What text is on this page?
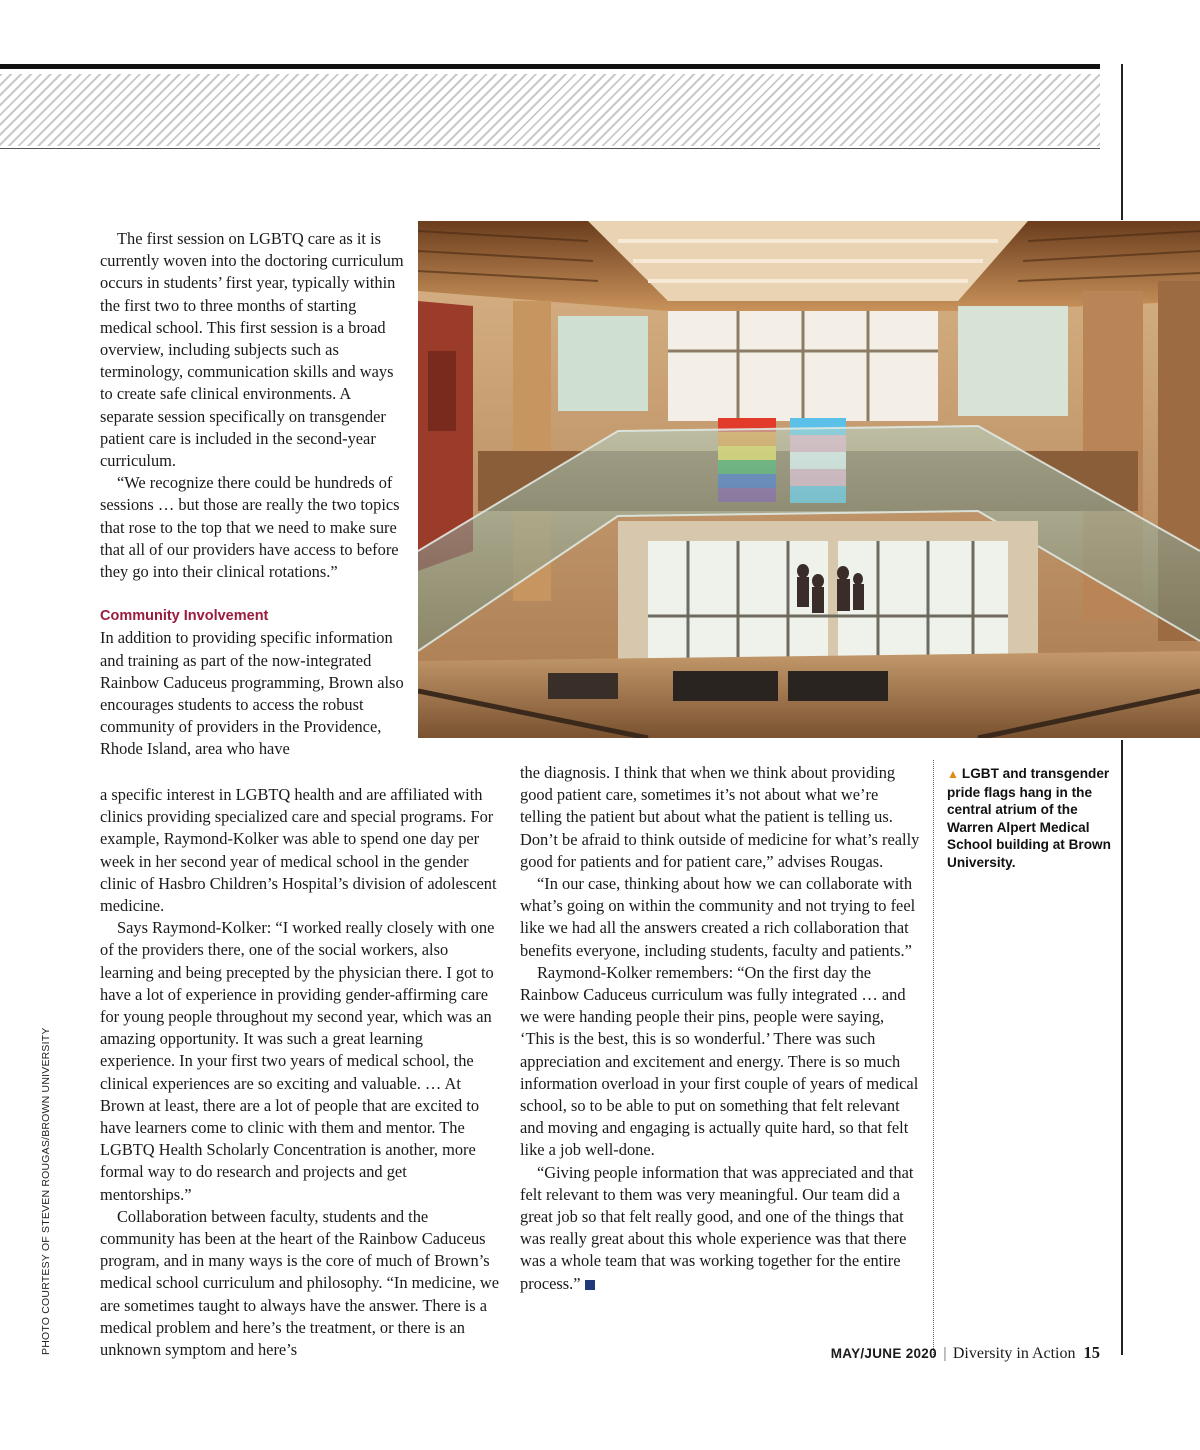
The first session on LGBTQ care as it is currently woven into the doctoring curriculum occurs in students’ first year, typically within the first two to three months of starting medical school. This first session is a broad overview, including subjects such as terminology, communication skills and ways to create safe clinical environments. A separate session specifically on transgender patient care is included in the second-year curriculum.

“We recognize there could be hundreds of sessions … but those are really the two topics that rose to the top that we need to make sure that all of our providers have access to before they go into their clinical rotations.”

Community Involvement

In addition to providing specific information and training as part of the now-integrated Rainbow Caduceus programming, Brown also encourages students to access the robust community of providers in the Providence, Rhode Island, area who have

a specific interest in LGBTQ health and are affiliated with clinics providing specialized care and special programs. For example, Raymond-Kolker was able to spend one day per week in her second year of medical school in the gender clinic of Hasbro Children’s Hospital’s division of adolescent medicine.

Says Raymond-Kolker: “I worked really closely with one of the providers there, one of the social workers, also learning and being precepted by the physician there. I got to have a lot of experience in providing gender-affirming care for young people throughout my second year, which was an amazing opportunity. It was such a great learning experience. In your first two years of medical school, the clinical experiences are so exciting and valuable. … At Brown at least, there are a lot of people that are excited to have learners come to clinic with them and mentor. The LGBTQ Health Scholarly Concentration is another, more formal way to do research and projects and get mentorships.”

Collaboration between faculty, students and the community has been at the heart of the Rainbow Caduceus program, and in many ways is the core of much of Brown’s medical school curriculum and philosophy. “In medicine, we are sometimes taught to always have the answer. There is a medical problem and here’s the treatment, or there is an unknown symptom and here’s

the diagnosis. I think that when we think about providing good patient care, sometimes it’s not about what we’re telling the patient but about what the patient is telling us. Don’t be afraid to think outside of medicine for what’s really good for patients and for patient care,” advises Rougas.

“In our case, thinking about how we can collaborate with what’s going on within the community and not trying to feel like we had all the answers created a rich collaboration that benefits everyone, including students, faculty and patients.”

Raymond-Kolker remembers: “On the first day the Rainbow Caduceus curriculum was fully integrated … and we were handing people their pins, people were saying, ‘This is the best, this is so wonderful.’ There was such appreciation and excitement and energy. There is so much information overload in your first couple of years of medical school, so to be able to put on something that felt relevant and moving and engaging is actually quite hard, so that felt like a job well-done.

“Giving people information that was appreciated and that felt relevant to them was very meaningful. Our team did a great job so that felt really good, and one of the things that was really great about this whole experience was that there was a whole team that was working together for the entire process.”

▲ LGBT and transgender pride flags hang in the central atrium of the Warren Alpert Medical School building at Brown University.
PHOTO COURTESY OF STEVEN ROUGAS/BROWN UNIVERSITY	MAY/JUNE 2020 | Diversity in Action 15
